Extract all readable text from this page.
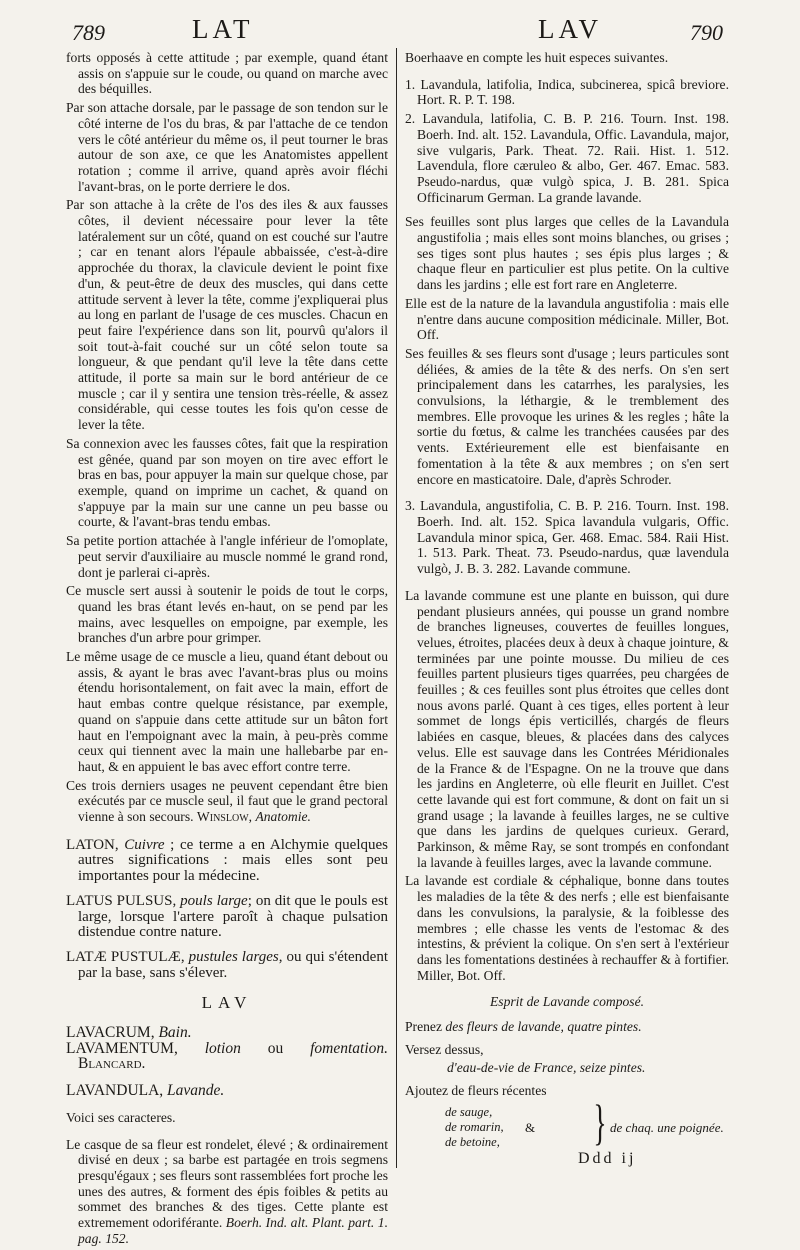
789	LAT	LAV	790

forts opposés à cette attitude ; par exemple, quand étant assis on s'appuie sur le coude, ou quand on marche avec des béquilles.

Par son attache dorsale, par le passage de son tendon sur le côté interne de l'os du bras, & par l'attache de ce tendon vers le côté antérieur du même os, il peut tourner le bras autour de son axe, ce que les Anatomistes appellent rotation ; comme il arrive, quand après avoir fléchi l'avant-bras, on le porte derriere le dos.

Par son attache à la crête de l'os des iles & aux fausses côtes, il devient nécessaire pour lever la tête latéralement sur un côté, quand on est couché sur l'autre ; car en tenant alors l'épaule abbaissée, c'est-à-dire approchée du thorax, la clavicule devient le point fixe d'un, & peut-être de deux des muscles, qui dans cette attitude servent à lever la tête, comme j'expliquerai plus au long en parlant de l'usage de ces muscles. Chacun en peut faire l'expérience dans son lit, pourvû qu'alors il soit tout-à-fait couché sur un côté selon toute sa longueur, & que pendant qu'il leve la tête dans cette attitude, il porte sa main sur le bord antérieur de ce muscle ; car il y sentira une tension très-réelle, & assez considérable, qui cesse toutes les fois qu'on cesse de lever la tête.

Sa connexion avec les fausses côtes, fait que la respiration est gênée, quand par son moyen on tire avec effort le bras en bas, pour appuyer la main sur quelque chose, par exemple, quand on imprime un cachet, & quand on s'appuye par la main sur une canne un peu basse ou courte, & l'avant-bras tendu embas.

Sa petite portion attachée à l'angle inférieur de l'omoplate, peut servir d'auxiliaire au muscle nommé le grand rond, dont je parlerai ci-après.

Ce muscle sert aussi à soutenir le poids de tout le corps, quand les bras étant levés en-haut, on se pend par les mains, avec lesquelles on empoigne, par exemple, les branches d'un arbre pour grimper.

Le même usage de ce muscle a lieu, quand étant debout ou assis, & ayant le bras avec l'avant-bras plus ou moins étendu horisontalement, on fait avec la main, effort de haut embas contre quelque résistance, par exemple, quand on s'appuie dans cette attitude sur un bâton fort haut en l'empoignant avec la main, à peu-près comme ceux qui tiennent avec la main une hallebarbe par en-haut, & en appuient le bas avec effort contre terre.

Ces trois derniers usages ne peuvent cependant être bien exécutés par ce muscle seul, il faut que le grand pectoral vienne à son secours. Winslow, Anatomie.

LATON, Cuivre ; ce terme a en Alchymie quelques autres significations : mais elles sont peu importantes pour la médecine.

LATUS PULSUS, pouls large; on dit que le pouls est large, lorsque l'artere paroît à chaque pulsation distendue contre nature.

LATÆ PUSTULÆ, pustules larges, ou qui s'étendent par la base, sans s'élever.

LAV

LAVACRUM, Bain.

LAVAMENTUM, lotion ou fomentation. Blancard.

LAVANDULA, Lavande.

Voici ses caracteres.

Le casque de sa fleur est rondelet, élevé ; & ordinairement divisé en deux ; sa barbe est partagée en trois segmens presqu'égaux ; ses fleurs sont rassemblées fort proche les unes des autres, & forment des épis foibles & petits au sommet des branches & des tiges. Cette plante est extremement odoriférante. Boerh. Ind. alt. Plant. part. 1. pag. 152.

Boerhaave en compte les huit especes suivantes.

1. Lavandula, latifolia, Indica, subcinerea, spicâ breviore. Hort. R. P. T. 198.

2. Lavandula, latifolia, C. B. P. 216. Tourn. Inst. 198. Boerh. Ind. alt. 152. Lavandula, Offic. Lavandula, major, sive vulgaris, Park. Theat. 72. Raii. Hist. 1. 512. Lavendula, flore cæruleo & albo, Ger. 467. Emac. 583. Pseudo-nardus, quæ vulgò spica, J. B. 281. Spica Officinarum German. La grande lavande.

Ses feuilles sont plus larges que celles de la Lavandula angustifolia ; mais elles sont moins blanches, ou grises ; ses tiges sont plus hautes ; ses épis plus larges ; & chaque fleur en particulier est plus petite. On la cultive dans les jardins ; elle est fort rare en Angleterre.

Elle est de la nature de la lavandula angustifolia : mais elle n'entre dans aucune composition médicinale. Miller, Bot. Off.

Ses feuilles & ses fleurs sont d'usage ; leurs particules sont déliées, & amies de la tête & des nerfs. On s'en sert principalement dans les catarrhes, les paralysies, les convulsions, la léthargie, & le tremblement des membres. Elle provoque les urines & les regles ; hâte la sortie du fœtus, & calme les tranchées causées par des vents. Extérieurement elle est bienfaisante en fomentation à la tête & aux membres ; on s'en sert encore en masticatoire. Dale, d'après Schroder.

3. Lavandula, angustifolia, C. B. P. 216. Tourn. Inst. 198. Boerh. Ind. alt. 152. Spica lavandula vulgaris, Offic. Lavandula minor spica, Ger. 468. Emac. 584. Raii Hist. 1. 513. Park. Theat. 73. Pseudo-nardus, quæ lavendula vulgò, J. B. 3. 282. Lavande commune.

La lavande commune est une plante en buisson, qui dure pendant plusieurs années, qui pousse un grand nombre de branches ligneuses, couvertes de feuilles longues, velues, étroites, placées deux à deux à chaque jointure, & terminées par une pointe mousse. Du milieu de ces feuilles partent plusieurs tiges quarrées, peu chargées de feuilles ; & ces feuilles sont plus étroites que celles dont nous avons parlé. Quant à ces tiges, elles portent à leur sommet de longs épis verticillés, chargés de fleurs labiées en casque, bleues, & placées dans des calyces velus. Elle est sauvage dans les Contrées Méridionales de la France & de l'Espagne. On ne la trouve que dans les jardins en Angleterre, où elle fleurit en Juillet. C'est cette lavande qui est fort commune, & dont on fait un si grand usage ; la lavande à feuilles larges, ne se cultive que dans les jardins de quelques curieux. Gerard, Parkinson, & même Ray, se sont trompés en confondant la lavande à feuilles larges, avec la lavande commune.

La lavande est cordiale & céphalique, bonne dans toutes les maladies de la tête & des nerfs ; elle est bienfaisante dans les convulsions, la paralysie, & la foiblesse des membres ; elle chasse les vents de l'estomac & des intestins, & prévient la colique. On s'en sert à l'extérieur dans les fomentations destinées à rechauffer & à fortifier. Miller, Bot. Off.

Esprit de Lavande composé.

Prenez des fleurs de lavande, quatre pintes.

Versez dessus,

d'eau-de-vie de France, seize pintes.

Ajoutez de fleurs récentes

de sauge,
de romarin,
de betoine,
& } de chaq. une poignée.
Ddd ij
